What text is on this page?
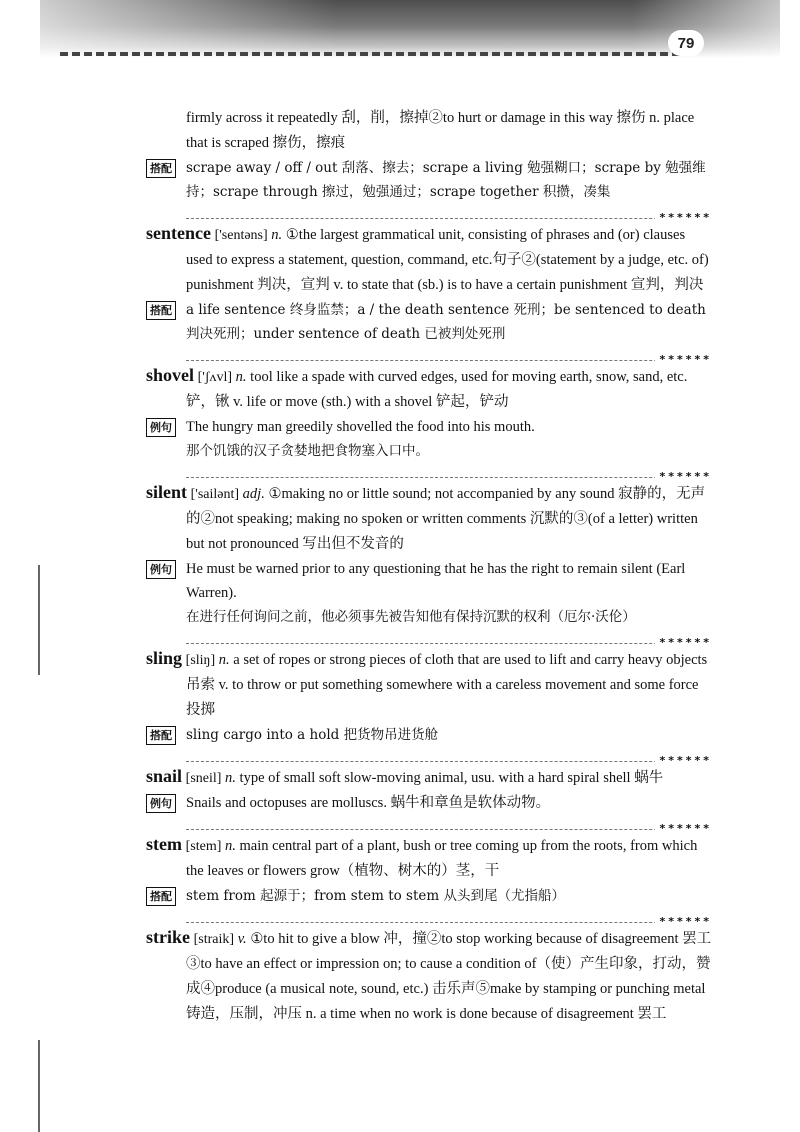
79
firmly across it repeatedly 刮，削，擦掉②to hurt or damage in this way 擦伤 n. place that is scraped 擦伤，擦痕
搭配 scrape away / off / out 刮落、擦去；scrape a living 勉强糊口；scrape by 勉强维持；scrape through 擦过，勉强通过；scrape together 积攒，凑集
******
sentence ['sentəns] n. ①the largest grammatical unit, consisting of phrases and (or) clauses used to express a statement, question, command, etc.句子②(statement by a judge, etc. of) punishment 判决，宣判 v. to state that (sb.) is to have a certain punishment 宣判，判决
搭配 a life sentence 终身监禁；a / the death sentence 死刑；be sentenced to death 判决死刑；under sentence of death 已被判处死刑
******
shovel ['ʃʌvl] n. tool like a spade with curved edges, used for moving earth, snow, sand, etc. 铲，锹 v. life or move (sth.) with a shovel 铲起，铲动
例句 The hungry man greedily shovelled the food into his mouth.
那个饥饿的汉子贪婪地把食物塞入口中。
******
silent ['sailənt] adj. ①making no or little sound; not accompanied by any sound 寂静的，无声的②not speaking; making no spoken or written comments 沉默的③(of a letter) written but not pronounced 写出但不发音的
例句 He must be warned prior to any questioning that he has the right to remain silent (Earl Warren).
在进行任何询问之前，他必须事先被告知他有保持沉默的权利（厄尔·沃伦）
******
sling [sliŋ] n. a set of ropes or strong pieces of cloth that are used to lift and carry heavy objects 吊索 v. to throw or put something somewhere with a careless movement and some force 投掷
搭配 sling cargo into a hold 把货物吊进货舱
******
snail [sneil] n. type of small soft slow-moving animal, usu. with a hard spiral shell 蜗牛
例句 Snails and octopuses are molluscs. 蜗牛和章鱼是软体动物。
******
stem [stem] n. main central part of a plant, bush or tree coming up from the roots, from which the leaves or flowers grow（植物、树木的）茎，干
搭配 stem from 起源于；from stem to stem 从头到尾（尤指船）
******
strike [straik] v. ①to hit to give a blow 冲，撞②to stop working because of disagreement 罢工③to have an effect or impression on; to cause a condition of（使）产生印象，打动，赞成④produce (a musical note, sound, etc.) 击乐声⑤make by stamping or punching metal 铸造，压制，冲压 n. a time when no work is done because of disagreement 罢工
